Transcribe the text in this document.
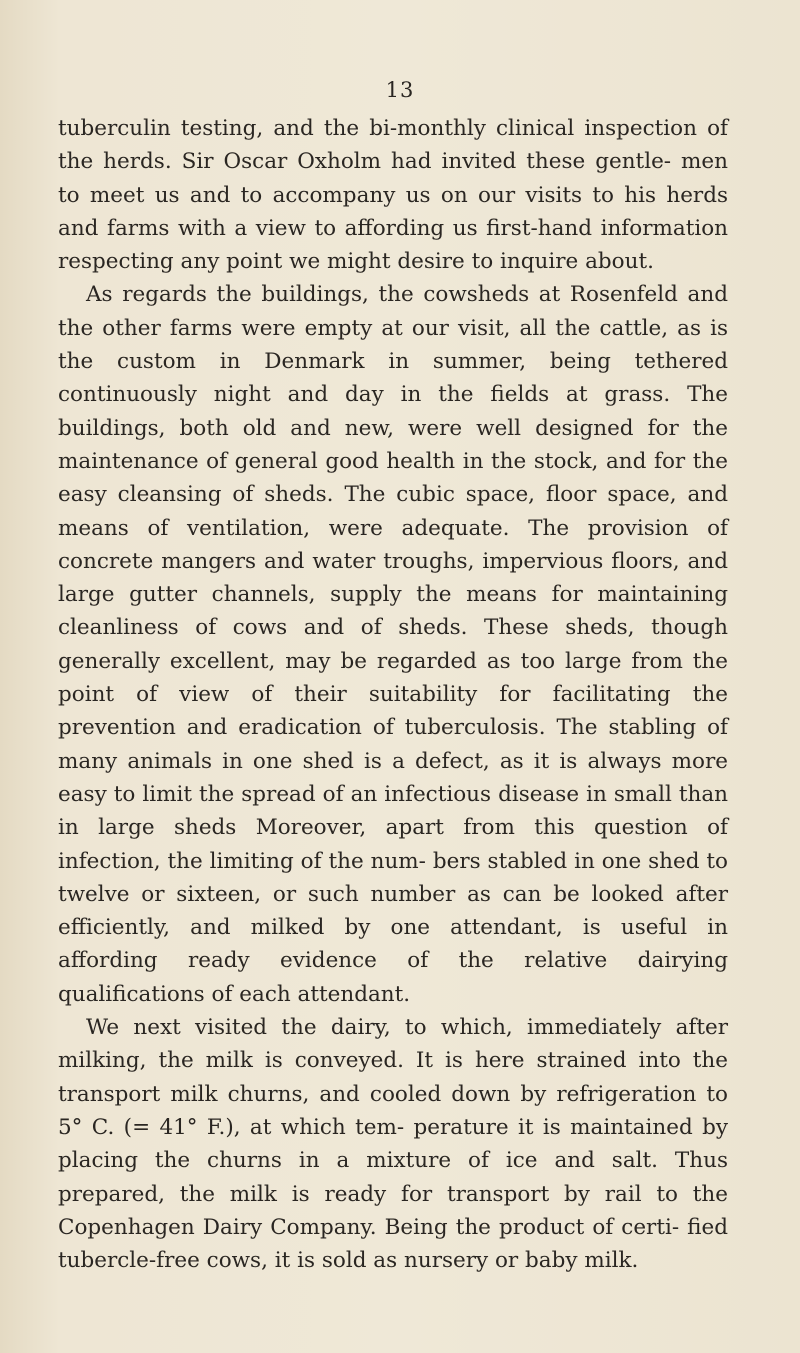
13

tuberculin testing, and the bi-monthly clinical inspection of the herds. Sir Oscar Oxholm had invited these gentle- men to meet us and to accompany us on our visits to his herds and farms with a view to affording us first-hand information respecting any point we might desire to inquire about.

As regards the buildings, the cowsheds at Rosenfeld and the other farms were empty at our visit, all the cattle, as is the custom in Denmark in summer, being tethered continuously night and day in the fields at grass. The buildings, both old and new, were well designed for the maintenance of general good health in the stock, and for the easy cleansing of sheds. The cubic space, floor space, and means of ventilation, were adequate. The provision of concrete mangers and water troughs, impervious floors, and large gutter channels, supply the means for maintaining cleanliness of cows and of sheds. These sheds, though generally excellent, may be regarded as too large from the point of view of their suitability for facilitating the prevention and eradication of tuberculosis. The stabling of many animals in one shed is a defect, as it is always more easy to limit the spread of an infectious disease in small than in large sheds Moreover, apart from this question of infection, the limiting of the num- bers stabled in one shed to twelve or sixteen, or such number as can be looked after efficiently, and milked by one attendant, is useful in affording ready evidence of the relative dairying qualifications of each attendant.

We next visited the dairy, to which, immediately after milking, the milk is conveyed. It is here strained into the transport milk churns, and cooled down by refrigeration to 5° C. (= 41° F.), at which tem- perature it is maintained by placing the churns in a mixture of ice and salt. Thus prepared, the milk is ready for transport by rail to the Copenhagen Dairy Company. Being the product of certi- fied tubercle-free cows, it is sold as nursery or baby milk.
